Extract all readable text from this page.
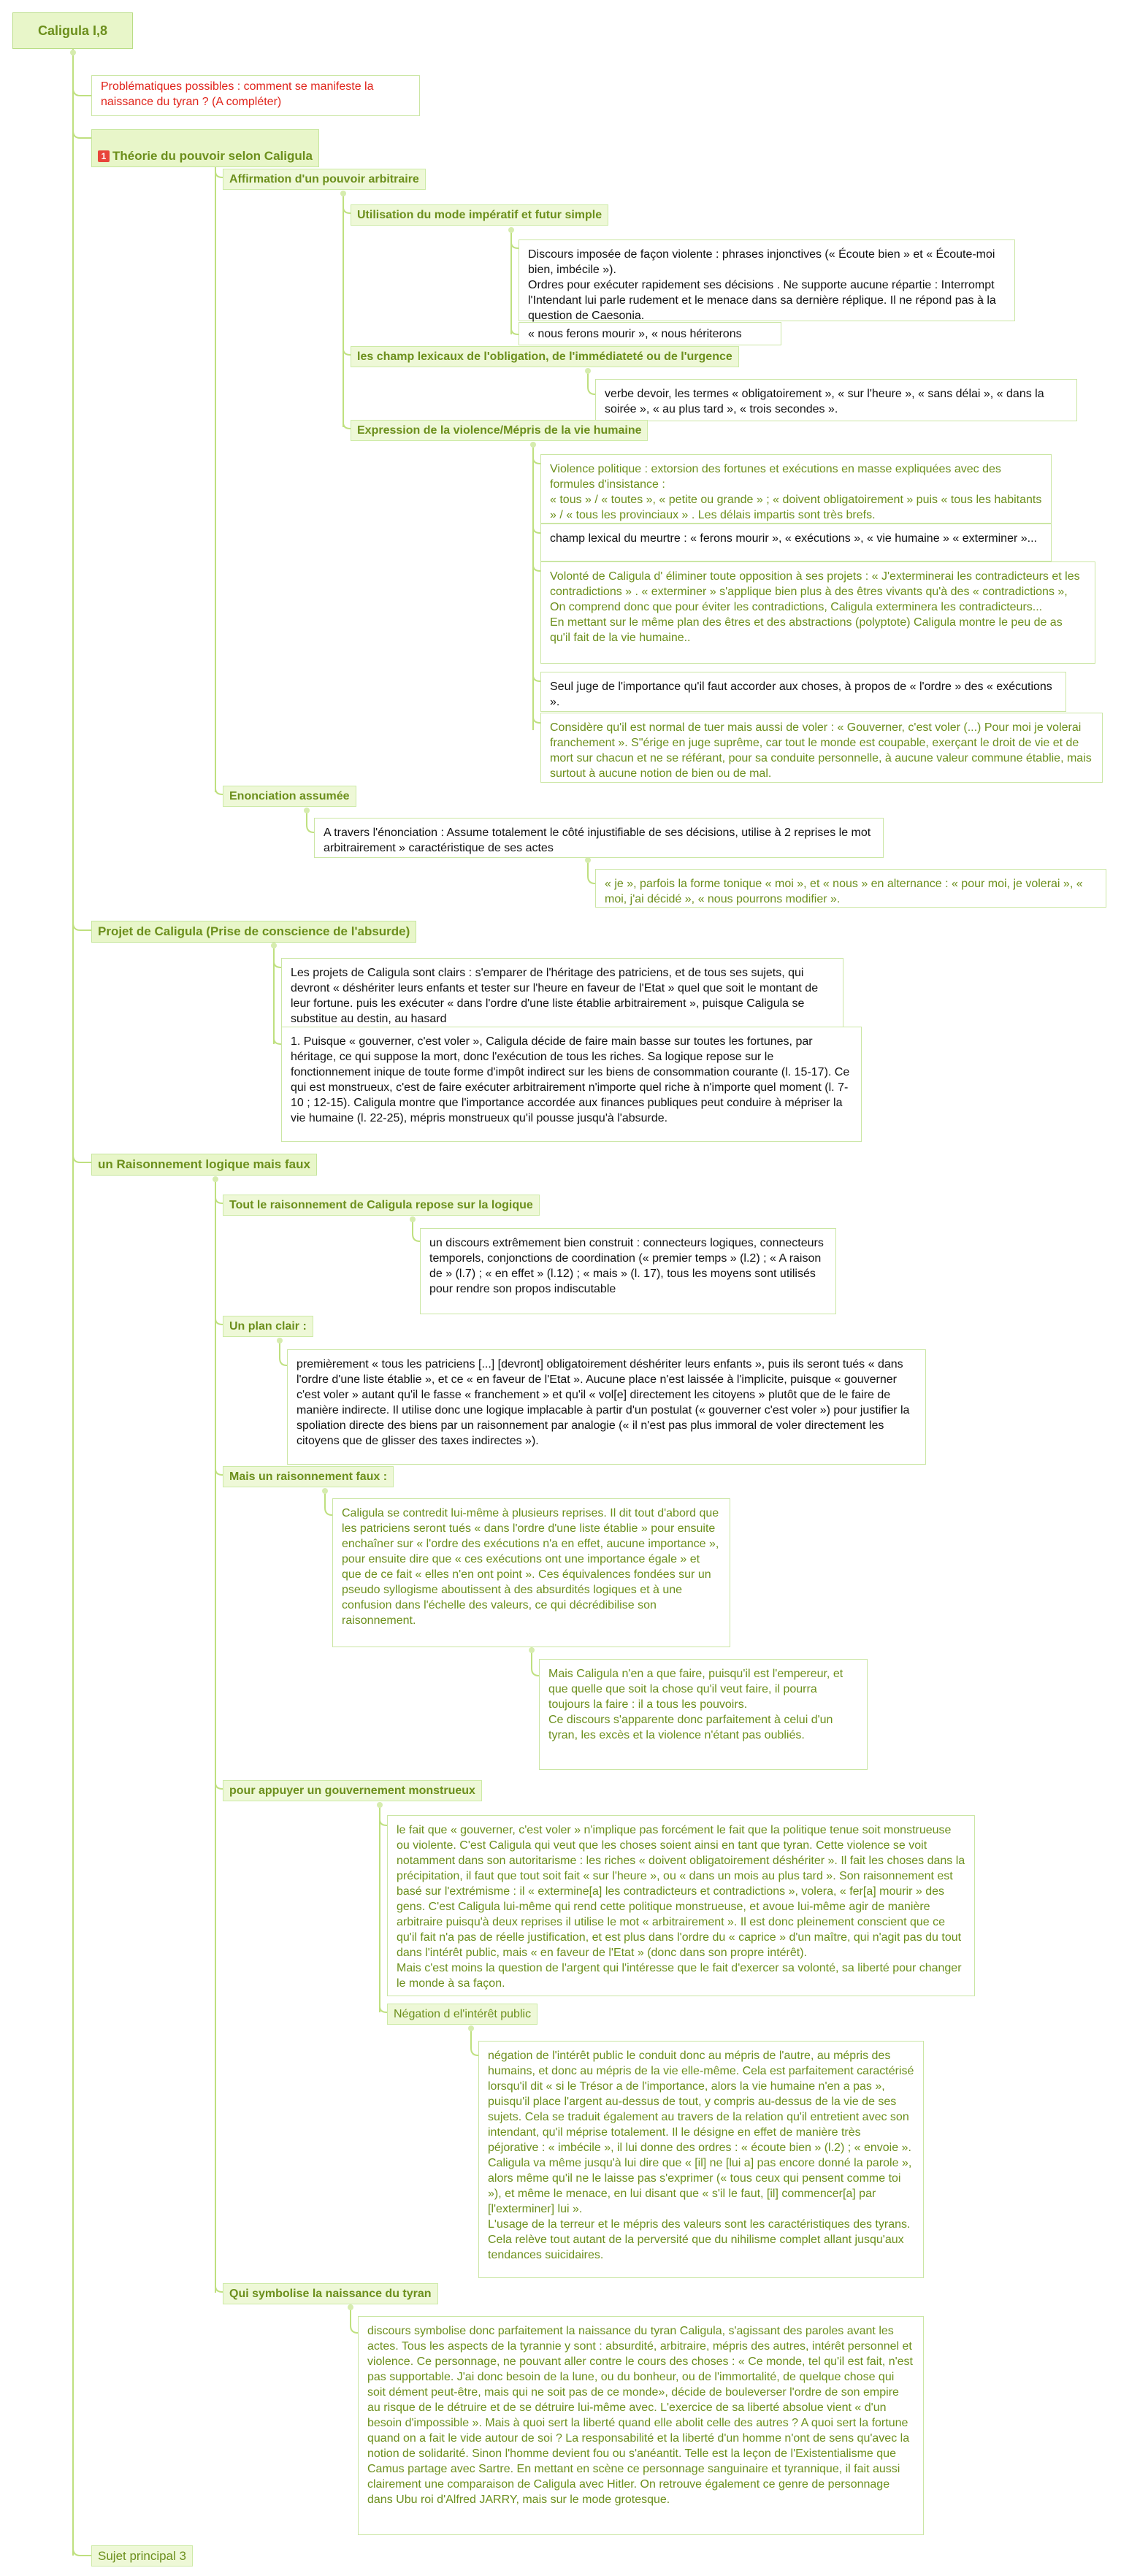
Caligula I,8
Problématiques possibles : comment se manifeste la naissance du tyran ? (A compléter)

1 Théorie du pouvoir selon Caligula

Affirmation d'un pouvoir arbitraire
Utilisation du mode impératif et futur simple
Discours imposée de façon violente : phrases injonctives (« Écoute bien » et « Écoute-moi bien, imbécile »).
Ordres pour exécuter rapidement ses décisions . Ne supporte aucune répartie : Interrompt l'Intendant lui parle rudement et le menace dans sa dernière réplique. Il ne répond pas à la question de Caesonia.
« nous ferons mourir », « nous hériterons
les champ lexicaux de l'obligation, de l'immédiateté ou de l'urgence
verbe devoir, les termes « obligatoirement », « sur l'heure », « sans délai », « dans la soirée », « au plus tard », « trois secondes ».
Expression de la violence/Mépris de la vie humaine
Violence politique : extorsion des fortunes et exécutions en masse expliquées avec des formules d'insistance :
« tous » / « toutes », « petite ou grande » ; « doivent obligatoirement » puis « tous les habitants » / « tous les provinciaux » . Les délais impartis sont très brefs.
champ lexical du meurtre : « ferons mourir », « exécutions », « vie humaine » « exterminer »...
Volonté de Caligula d' éliminer toute opposition à ses projets : « J'exterminerai les contradicteurs et les contradictions » . « exterminer » s'applique bien plus à des êtres vivants qu'à des « contradictions », On comprend donc que pour éviter les contradictions, Caligula exterminera les contradicteurs...
En mettant sur le même plan des êtres et des abstractions (polyptote) Caligula montre le peu de as qu'il fait de la vie humaine..
Seul juge de l'importance qu'il faut accorder aux choses, à propos de « l'ordre » des « exécutions ».
Considère qu'il est normal de tuer mais aussi de voler : « Gouverner, c'est voler (...) Pour moi je volerai franchement ». S"érige en juge suprême, car tout le monde est coupable, exerçant le droit de vie et de mort sur chacun et ne se référant, pour sa conduite personnelle, à aucune valeur commune établie, mais surtout à aucune notion de bien ou de mal.
Enonciation assumée
A travers l'énonciation : Assume totalement le côté injustifiable de ses décisions, utilise à 2 reprises le mot arbitrairement » caractéristique de ses actes
« je », parfois la forme tonique « moi », et « nous » en alternance : « pour moi, je volerai », « moi, j'ai décidé », « nous pourrons modifier ».
Projet de Caligula (Prise de conscience de l'absurde)
Les projets de Caligula sont clairs : s'emparer de l'héritage des patriciens, et de tous ses sujets, qui devront « déshériter leurs enfants et tester sur l'heure en faveur de l'Etat » quel que soit le montant de leur fortune. puis les exécuter « dans l'ordre d'une liste établie arbitrairement », puisque Caligula se substitue au destin, au hasard
1. Puisque « gouverner, c'est voler », Caligula décide de faire main basse sur toutes les fortunes, par héritage, ce qui suppose la mort, donc l'exécution de tous les riches. Sa logique repose sur le fonctionnement inique de toute forme d'impôt indirect sur les biens de consommation courante (l. 15-17). Ce qui est monstrueux, c'est de faire exécuter arbitrairement n'importe quel riche à n'importe quel moment (l. 7-10 ; 12-15). Caligula montre que l'importance accordée aux finances publiques peut conduire à mépriser la vie humaine (l. 22-25), mépris monstrueux qu'il pousse jusqu'à l'absurde.
un Raisonnement logique mais faux
Tout le raisonnement de Caligula repose sur la logique
un discours extrêmement bien construit : connecteurs logiques, connecteurs temporels, conjonctions de coordination (« premier temps » (l.2) ; « A raison de » (l.7) ; « en effet » (l.12) ; « mais » (l. 17), tous les moyens sont utilisés pour rendre son propos indiscutable
Un plan clair :
premièrement « tous les patriciens [...] [devront] obligatoirement déshériter leurs enfants », puis ils seront tués « dans l'ordre d'une liste établie », et ce « en faveur de l'Etat ». Aucune place n'est laissée à l'implicite, puisque « gouverner c'est voler » autant qu'il le fasse « franchement » et qu'il « vol[e] directement les citoyens » plutôt que de le faire de manière indirecte. Il utilise donc une logique implacable à partir d'un postulat (« gouverner c'est voler ») pour justifier la spoliation directe des biens par un raisonnement par analogie (« il n'est pas plus immoral de voler directement les citoyens que de glisser des taxes indirectes »).
Mais un raisonnement faux :
Caligula se contredit lui-même à plusieurs reprises. Il dit tout d'abord que les patriciens seront tués « dans l'ordre d'une liste établie » pour ensuite enchaîner sur « l'ordre des exécutions n'a en effet, aucune importance », pour ensuite dire que « ces exécutions ont une importance égale » et que de ce fait « elles n'en ont point ». Ces équivalences fondées sur un pseudo syllogisme aboutissent à des absurdités logiques et à une confusion dans l'échelle des valeurs, ce qui décrédibilise son raisonnement.
Mais Caligula n'en a que faire, puisqu'il est l'empereur, et que quelle que soit la chose qu'il veut faire, il pourra toujours la faire : il a tous les pouvoirs.
Ce discours s'apparente donc parfaitement à celui d'un tyran, les excès et la violence n'étant pas oubliés.
pour appuyer un gouvernement monstrueux
le fait que « gouverner, c'est voler » n'implique pas forcément le fait que la politique tenue soit monstrueuse ou violente. C'est Caligula qui veut que les choses soient ainsi en tant que tyran. Cette violence se voit notamment dans son autoritarisme : les riches « doivent obligatoirement déshériter ». Il fait les choses dans la précipitation, il faut que tout soit fait « sur l'heure », ou « dans un mois au plus tard ». Son raisonnement est basé sur l'extrémisme : il « extermine[a] les contradicteurs et contradictions », volera, « fer[a] mourir » des gens. C'est Caligula lui-même qui rend cette politique monstrueuse, et avoue lui-même agir de manière arbitraire puisqu'à deux reprises il utilise le mot « arbitrairement ». Il est donc pleinement conscient que ce qu'il fait n'a pas de réelle justification, et est plus dans l'ordre du « caprice » d'un maître, qui n'agit pas du tout dans l'intérêt public, mais « en faveur de l'Etat » (donc dans son propre intérêt).
Mais c'est moins la question de l'argent qui l'intéresse que le fait d'exercer sa volonté, sa liberté pour changer le monde à sa façon.
Négation d el'intérêt public
négation de l'intérêt public le conduit donc au mépris de l'autre, au mépris des humains, et donc au mépris de la vie elle-même. Cela est parfaitement caractérisé lorsqu'il dit « si le Trésor a de l'importance, alors la vie humaine n'en a pas », puisqu'il place l'argent au-dessus de tout, y compris au-dessus de la vie de ses sujets. Cela se traduit également au travers de la relation qu'il entretient avec son intendant, qu'il méprise totalement. Il le désigne en effet de manière très péjorative : « imbécile », il lui donne des ordres : « écoute bien » (l.2) ; « envoie ». Caligula va même jusqu'à lui dire que « [il] ne [lui a] pas encore donné la parole », alors même qu'il ne le laisse pas s'exprimer (« tous ceux qui pensent comme toi »), et même le menace, en lui disant que « s'il le faut, [il] commencer[a] par [l'exterminer] lui ».
L'usage de la terreur et le mépris des valeurs sont les caractéristiques des tyrans. Cela relève tout autant de la perversité que du nihilisme complet allant jusqu'aux tendances suicidaires.
Qui symbolise la naissance du tyran
discours symbolise donc parfaitement la naissance du tyran Caligula, s'agissant des paroles avant les actes. Tous les aspects de la tyrannie y sont : absurdité, arbitraire, mépris des autres, intérêt personnel et violence. Ce personnage, ne pouvant aller contre le cours des choses : « Ce monde, tel qu'il est fait, n'est pas supportable. J'ai donc besoin de la lune, ou du bonheur, ou de l'immortalité, de quelque chose qui soit dément peut-être, mais qui ne soit pas de ce monde», décide de bouleverser l'ordre de son empire au risque de le détruire et de se détruire lui-même avec. L'exercice de sa liberté absolue vient « d'un besoin d'impossible ». Mais à quoi sert la liberté quand elle abolit celle des autres ? A quoi sert la fortune quand on a fait le vide autour de soi ? La responsabilité et la liberté d'un homme n'ont de sens qu'avec la notion de solidarité. Sinon l'homme devient fou ou s'anéantit. Telle est la leçon de l'Existentialisme que Camus partage avec Sartre. En mettant en scène ce personnage sanguinaire et tyrannique, il fait aussi clairement une comparaison de Caligula avec Hitler. On retrouve également ce genre de personnage dans Ubu roi d'Alfred JARRY, mais sur le mode grotesque.
Sujet principal 3
